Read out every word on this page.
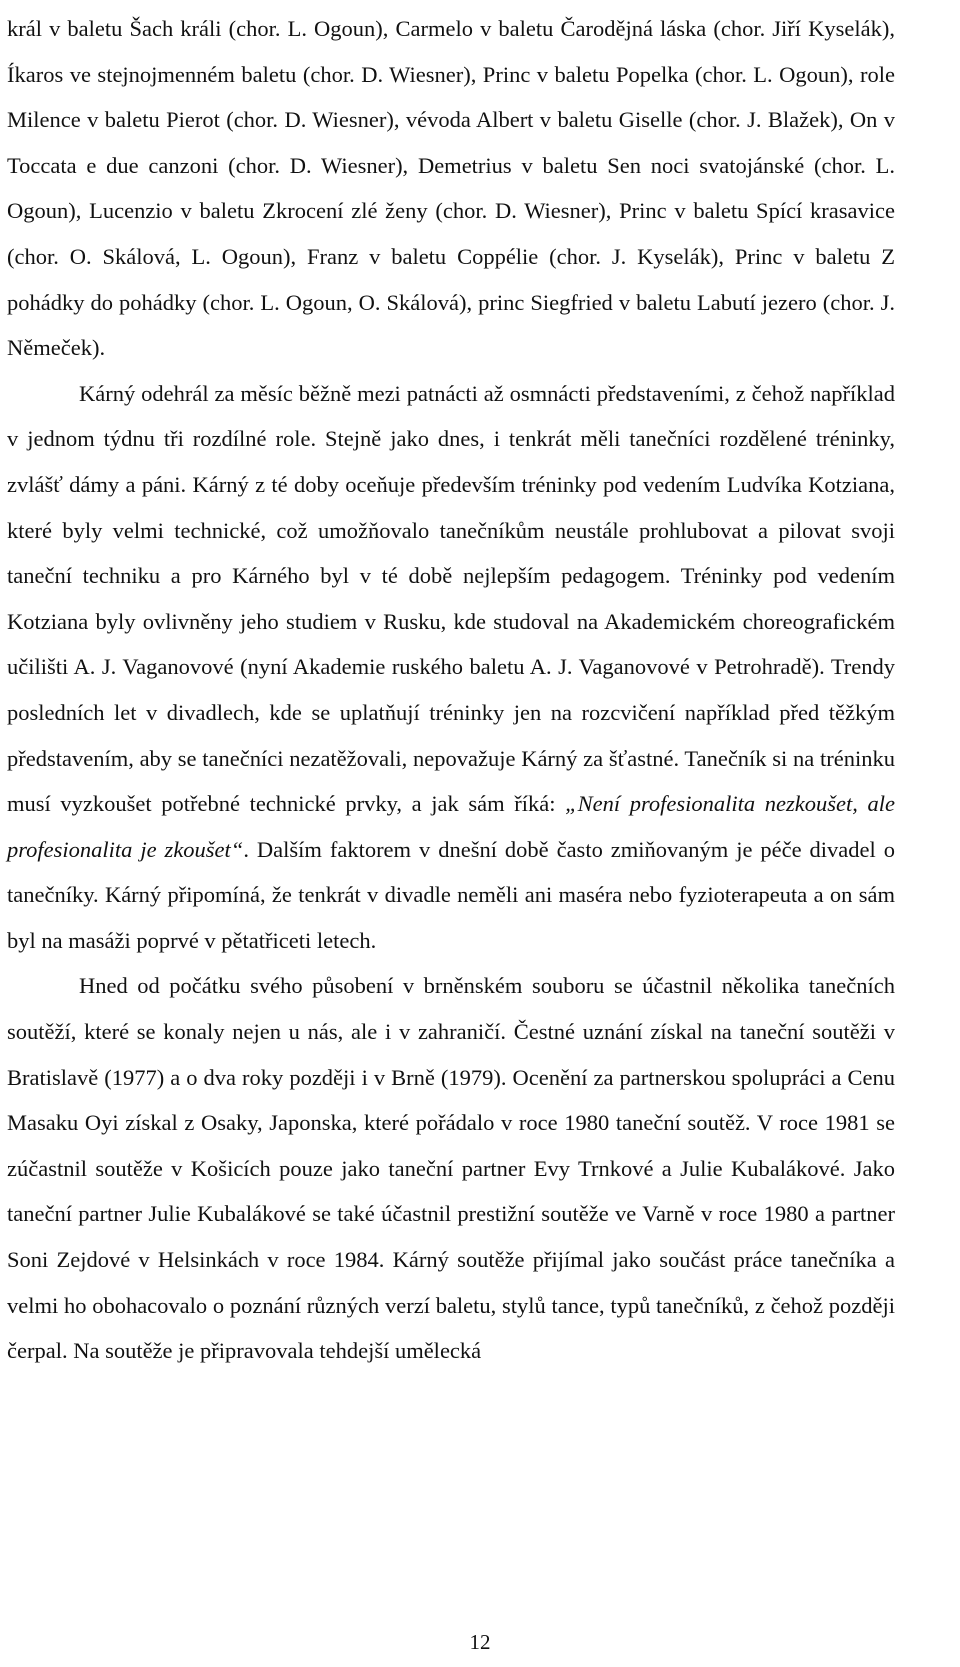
král v baletu Šach králi (chor. L. Ogoun), Carmelo v baletu Čarodějná láska (chor. Jiří Kyselák), Íkaros ve stejnojmenném baletu (chor. D. Wiesner), Princ v baletu Popelka (chor. L. Ogoun), role Milence v baletu Pierot (chor. D. Wiesner), vévoda Albert v baletu Giselle (chor. J. Blažek), On v Toccata e due canzoni (chor. D. Wiesner), Demetrius v baletu Sen noci svatojánské (chor. L. Ogoun), Lucenzio v baletu Zkrocení zlé ženy (chor. D. Wiesner), Princ v baletu Spící krasavice (chor. O. Skálová, L. Ogoun), Franz v baletu Coppélie (chor. J. Kyselák), Princ v baletu Z pohádky do pohádky (chor. L. Ogoun, O. Skálová), princ Siegfried v baletu Labutí jezero (chor. J. Němeček).

Kárný odehrál za měsíc běžně mezi patnácti až osmnácti představeními, z čehož například v jednom týdnu tři rozdílné role. Stejně jako dnes, i tenkrát měli tanečníci rozdělené tréninky, zvlášť dámy a páni. Kárný z té doby oceňuje především tréninky pod vedením Ludvíka Kotziana, které byly velmi technické, což umožňovalo tanečníkům neustále prohlubovat a pilovat svoji taneční techniku a pro Kárného byl v té době nejlepším pedagogem. Tréninky pod vedením Kotziana byly ovlivněny jeho studiem v Rusku, kde studoval na Akademickém choreografickém učilišti A. J. Vaganovové (nyní Akademie ruského baletu A. J. Vaganovové v Petrohradě). Trendy posledních let v divadlech, kde se uplatňují tréninky jen na rozcvičení například před těžkým představením, aby se tanečníci nezatěžovali, nepovažuje Kárný za šťastné. Tanečník si na tréninku musí vyzkoušet potřebné technické prvky, a jak sám říká: „Není profesionalita nezkoušet, ale profesionalita je zkoušet“. Dalším faktorem v dnešní době často zmiňovaným je péče divadel o tanečníky. Kárný připomíná, že tenkrát v divadle neměli ani maséra nebo fyzioterapeuta a on sám byl na masáži poprvé v pětatřiceti letech.

Hned od počátku svého působení v brněnském souboru se účastnil několika tanečních soutěží, které se konaly nejen u nás, ale i v zahraničí. Čestné uznání získal na taneční soutěži v Bratislavě (1977) a o dva roky později i v Brně (1979). Ocenění za partnerskou spolupráci a Cenu Masaku Oyi získal z Osaky, Japonska, které pořádalo v roce 1980 taneční soutěž. V roce 1981 se zúčastnil soutěže v Košicích pouze jako taneční partner Evy Trnkové a Julie Kubalákové. Jako taneční partner Julie Kubalákové se také účastnil prestižní soutěže ve Varně v roce 1980 a partner Soni Zejdové v Helsinkách v roce 1984. Kárný soutěže přijímal jako součást práce tanečníka a velmi ho obohacovalo o poznání různých verzí baletu, stylů tance, typů tanečníků, z čehož později čerpal. Na soutěže je připravovala tehdejší umělecká

12
